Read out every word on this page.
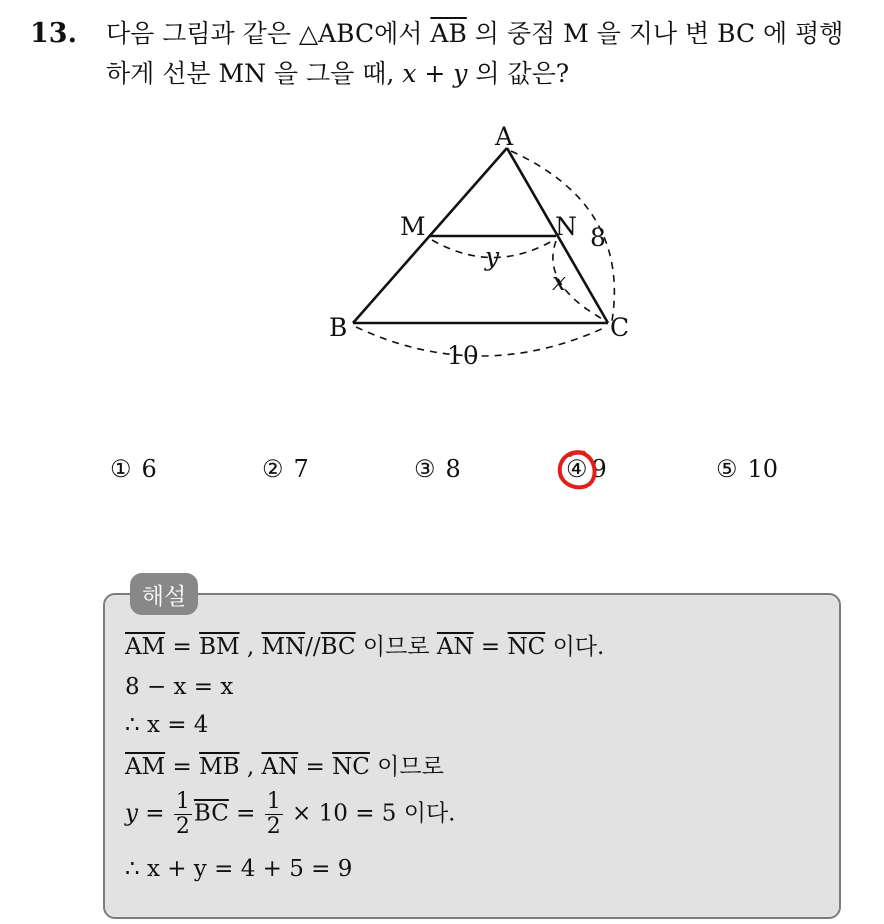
13. 다음 그림과 같은 △ABC에서 $\overline{AB}$ 의 중점 M 을 지나 변 BC 에 평행
하게 선분 MN 을 그을 때, x + y 의 값은?
A
M	N
B	C
8
10
y
x
① 6	② 7	③ 8	④ 9	⑤ 10
해설
$\overline{AM} = \overline{BM}$ , $\overline{MN}//\overline{BC}$ 이므로 $\overline{AN} = \overline{NC}$ 이다.
8 − x = x
∴ x = 4
$\overline{AM} = \overline{MB}$ , $\overline{AN} = \overline{NC}$ 이므로
$y = \frac{1}{2} \overline{BC} = \frac{1}{2} \times 10 = 5$ 이다.
∴ x + y = 4 + 5 = 9
